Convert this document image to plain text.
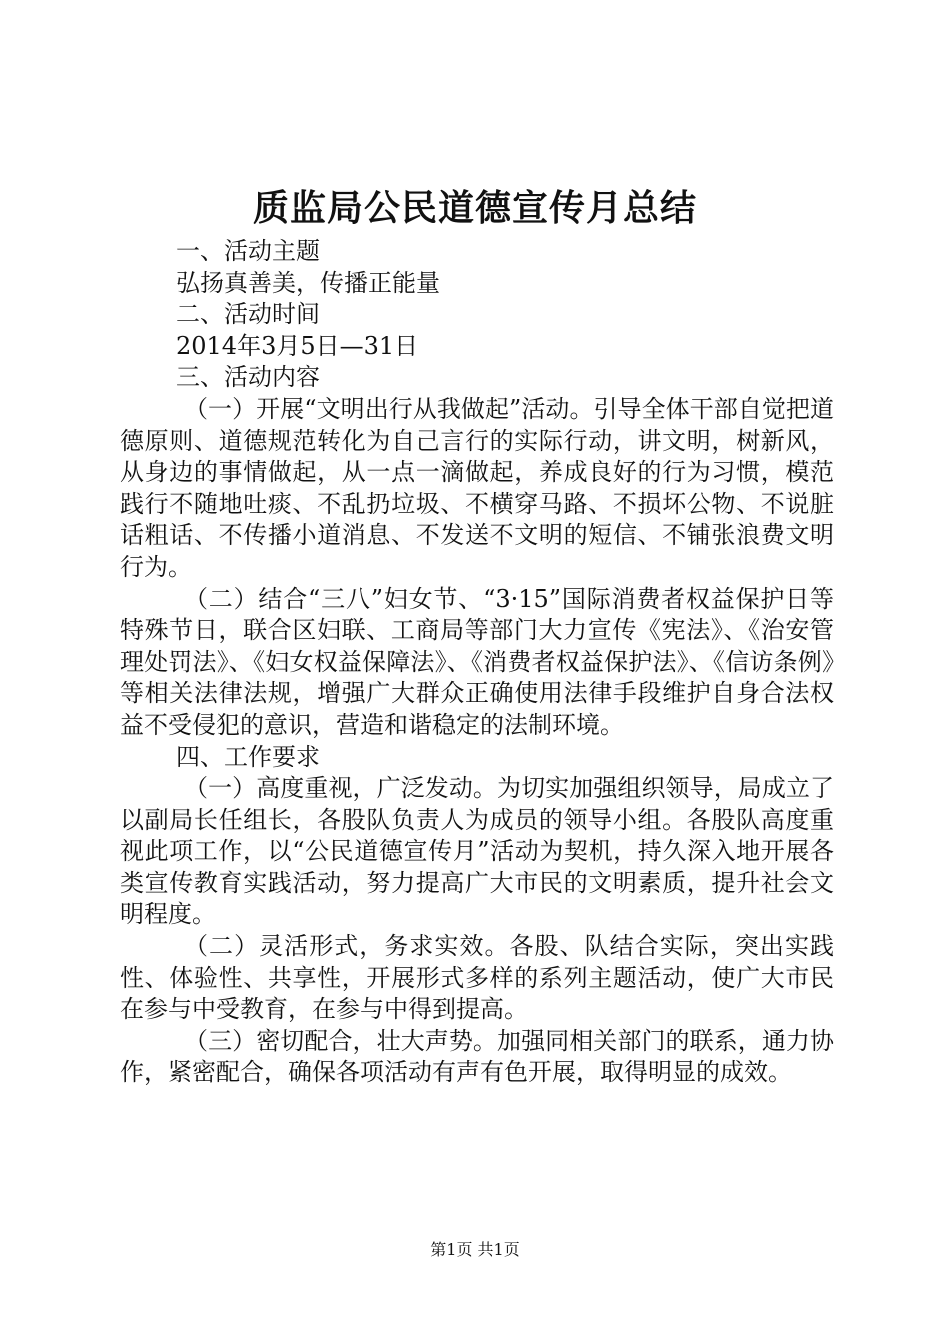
质监局公民道德宣传月总结

一、活动主题

弘扬真善美，传播正能量

二、活动时间

2014年3月5日—31日

三、活动内容

（一）开展“文明出行从我做起”活动。引导全体干部自觉把道德原则、道德规范转化为自己言行的实际行动，讲文明，树新风，从身边的事情做起，从一点一滴做起，养成良好的行为习惯，模范践行不随地吐痰、不乱扔垃圾、不横穿马路、不损坏公物、不说脏话粗话、不传播小道消息、不发送不文明的短信、不铺张浪费文明行为。

（二）结合“三八”妇女节、“3·15”国际消费者权益保护日等特殊节日，联合区妇联、工商局等部门大力宣传《宪法》、《治安管理处罚法》、《妇女权益保障法》、《消费者权益保护法》、《信访条例》等相关法律法规，增强广大群众正确使用法律手段维护自身合法权益不受侵犯的意识，营造和谐稳定的法制环境。

四、工作要求

（一）高度重视，广泛发动。为切实加强组织领导，局成立了以副局长任组长，各股队负责人为成员的领导小组。各股队高度重视此项工作，以“公民道德宣传月”活动为契机，持久深入地开展各类宣传教育实践活动，努力提高广大市民的文明素质，提升社会文明程度。

（二）灵活形式，务求实效。各股、队结合实际，突出实践性、体验性、共享性，开展形式多样的系列主题活动，使广大市民在参与中受教育，在参与中得到提高。

（三）密切配合，壮大声势。加强同相关部门的联系，通力协作，紧密配合，确保各项活动有声有色开展，取得明显的成效。

第1页 共1页
